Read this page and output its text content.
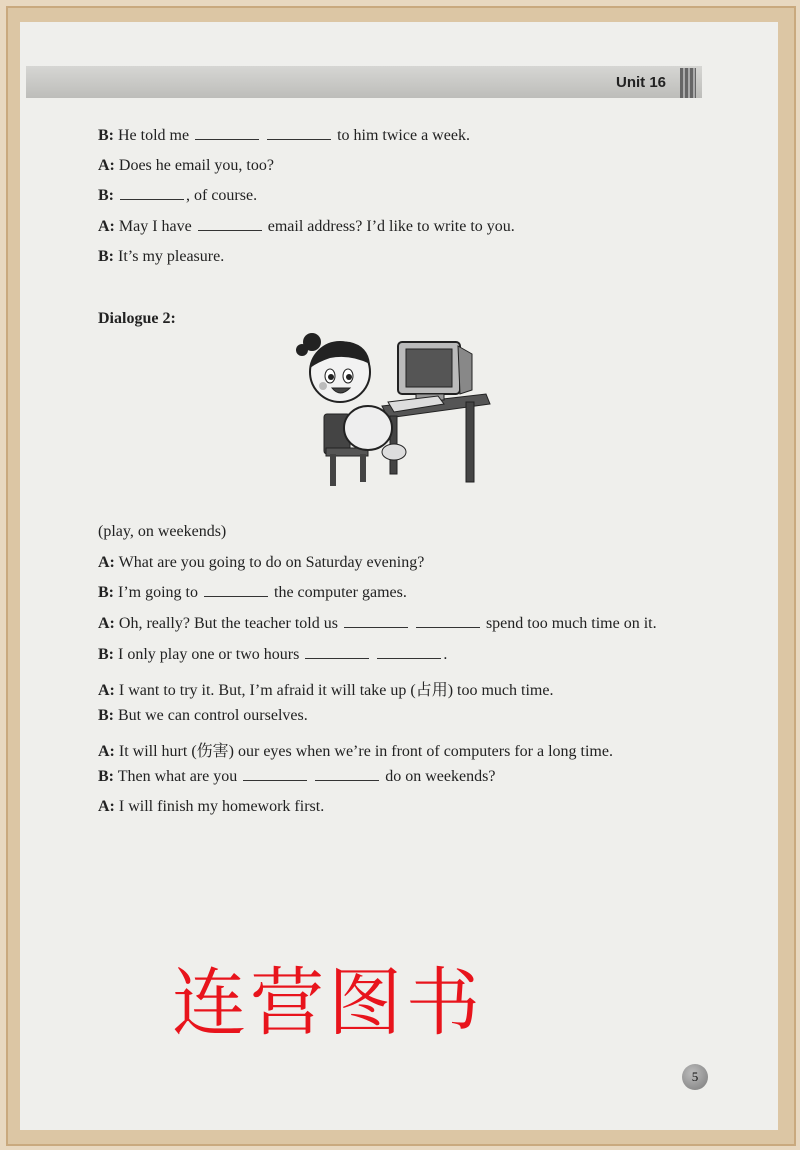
Unit 16
B: He told me	to him twice a week.
A: Does he email you, too?
B:	, of course.
A: May I have	email address? I’d like to write to you.
B: It’s my pleasure.
Dialogue 2:
(play, on weekends)
A: What are you going to do on Saturday evening?
B: I’m going to	the computer games.
A: Oh, really? But the teacher told us	spend too much time on it.
B: I only play one or two hours	.
A: I want to try it. But, I’m afraid it will take up (占用) too much time.
B: But we can control ourselves.
A: It will hurt (伤害) our eyes when we’re in front of computers for a long time.
B: Then what are you	do on weekends?
A: I will finish my homework first.
连营图书
5
